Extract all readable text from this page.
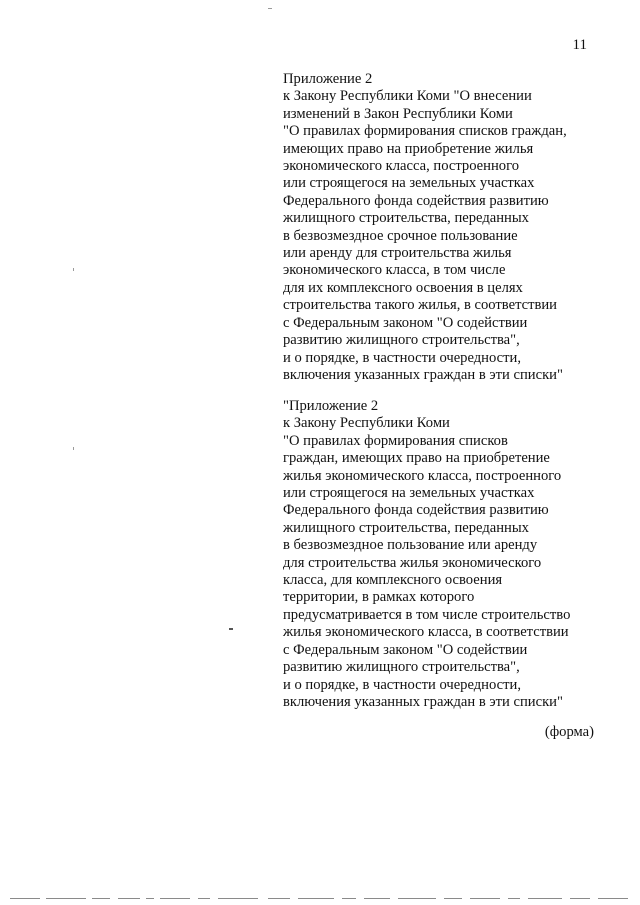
11
Приложение 2
к Закону Республики Коми "О внесении
изменений в Закон Республики Коми
"О правилах формирования списков граждан,
имеющих право на приобретение жилья
экономического класса, построенного
или строящегося на земельных участках
Федерального фонда содействия развитию
жилищного строительства, переданных
в безвозмездное срочное пользование
или аренду для строительства жилья
экономического класса, в том числе
для их комплексного освоения в целях
строительства такого жилья, в соответствии
с Федеральным законом "О содействии
развитию жилищного строительства",
и о порядке, в частности очередности,
включения указанных граждан в эти списки"
"Приложение 2
к Закону Республики Коми
"О правилах формирования списков
граждан, имеющих право на приобретение
жилья экономического класса, построенного
или строящегося на земельных участках
Федерального фонда содействия развитию
жилищного строительства, переданных
в безвозмездное пользование или аренду
для строительства жилья экономического
класса, для комплексного освоения
территории, в рамках которого
предусматривается в том числе строительство
жилья экономического класса, в соответствии
с Федеральным законом "О содействии
развитию жилищного строительства",
и о порядке, в частности очередности,
включения указанных граждан в эти списки"
(форма)
